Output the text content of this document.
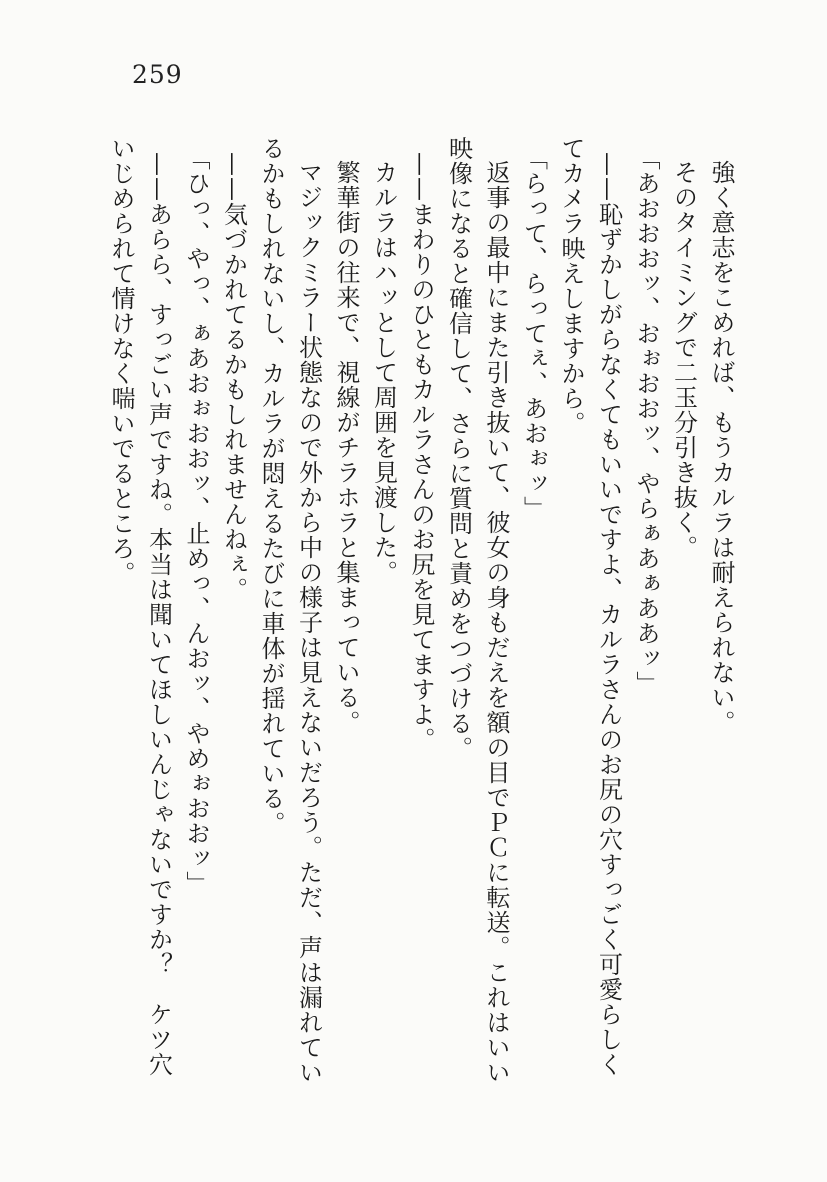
259

強く意志をこめれば、もうカルラは耐えられない。

そのタイミングで二玉分引き抜く。

「あおおおッ、おぉおおッ、やらぁあぁああッ」

——恥ずかしがらなくてもいいですよ、カルラさんのお尻の穴すっごく可愛らしく

てカメラ映えしますから。

「らって、らってぇ、あおぉッ」

返事の最中にまた引き抜いて、彼女の身もだえを額の目でＰＣに転送。これはいい

映像になると確信して、さらに質問と責めをつづける。

——まわりのひともカルラさんのお尻を見てますよ。

カルラはハッとして周囲を見渡した。

繁華街の往来で、視線がチラホラと集まっている。

マジックミラー状態なので外から中の様子は見えないだろう。ただ、声は漏れてい

るかもしれないし、カルラが悶えるたびに車体が揺れている。

——気づかれてるかもしれませんねぇ。

「ひっ、やっ、ぁあおぉおおッ、止めっ、んおッ、やめぉおおッ」

——あらら、すっごい声ですね。本当は聞いてほしいんじゃないですか？　ケツ穴

いじめられて情けなく喘いでるところ。
